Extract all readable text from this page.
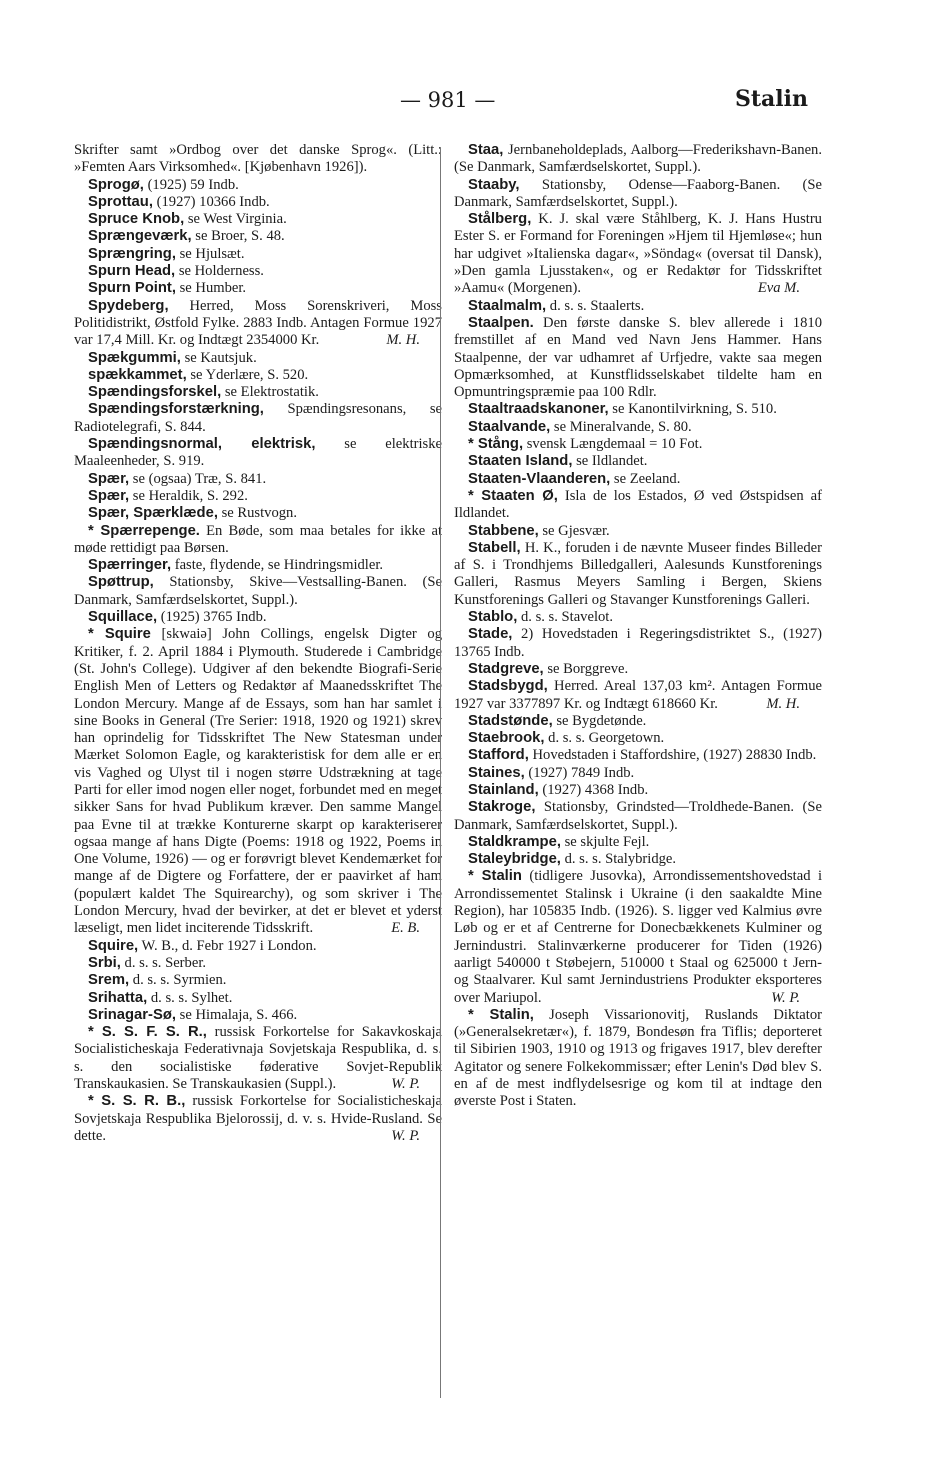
— 981 —	Stalin

Skrifter samt »Ordbog over det danske Sprog«. (Litt.: »Femten Aars Virksomhed«. [Kjøbenhavn 1926]).

Sprogø, (1925) 59 Indb.

Sprottau, (1927) 10366 Indb.

Spruce Knob, se West Virginia.

Sprængeværk, se Broer, S. 48.

Sprængring, se Hjulsæt.

Spurn Head, se Holderness.

Spurn Point, se Humber.

Spydeberg, Herred, Moss Sorenskriveri, Moss Politidistrikt, Østfold Fylke. 2883 Indb. Antagen Formue 1927 var 17,4 Mill. Kr. og Indtægt 2354000 Kr.	M. H.

Spækgummi, se Kautsjuk.

spækkammet, se Yderlære, S. 520.

Spændingsforskel, se Elektrostatik.

Spændingsforstærkning, Spændingsresonans, se Radiotelegrafi, S. 844.

Spændingsnormal, elektrisk, se elektriske Maaleenheder, S. 919.

Spær, se (ogsaa) Træ, S. 841.

Spær, se Heraldik, S. 292.

Spær, Spærklæde, se Rustvogn.

* Spærrepenge. En Bøde, som maa betales for ikke at møde rettidigt paa Børsen.

Spærringer, faste, flydende, se Hindringsmidler.

Spøttrup, Stationsby, Skive—Vestsalling-Banen. (Se Danmark, Samfærdselskortet, Suppl.).

Squillace, (1925) 3765 Indb.

* Squire [skwaiə] John Collings, engelsk Digter og Kritiker, f. 2. April 1884 i Plymouth. Studerede i Cambridge (St. John's College). Udgiver af den bekendte Biografi-Serie English Men of Letters og Redaktør af Maanedsskriftet The London Mercury. Mange af de Essays, som han har samlet i sine Books in General (Tre Serier: 1918, 1920 og 1921) skrev han oprindelig for Tidsskriftet The New Statesman under Mærket Solomon Eagle, og karakteristisk for dem alle er en vis Vaghed og Ulyst til i nogen større Udstrækning at tage Parti for eller imod nogen eller noget, forbundet med en meget sikker Sans for hvad Publikum kræver. Den samme Mangel paa Evne til at trække Konturerne skarpt op karakteriserer ogsaa mange af hans Digte (Poems: 1918 og 1922, Poems in One Volume, 1926) — og er forøvrigt blevet Kendemærket for mange af de Digtere og Forfattere, der er paavirket af ham (populært kaldet The Squirearchy), og som skriver i The London Mercury, hvad der bevirker, at det er blevet et yderst læseligt, men lidet inciterende Tidsskrift.	E. B.

Squire, W. B., d. Febr 1927 i London.

Srbi, d. s. s. Serber.

Srem, d. s. s. Syrmien.

Srihatta, d. s. s. Sylhet.

Srinagar-Sø, se Himalaja, S. 466.

* S. S. F. S. R., russisk Forkortelse for Sakavkoskaja Socialisticheskaja Federativnaja Sovjetskaja Respublika, d. s. s. den socialistiske føderative Sovjet-Republik Transkaukasien. Se Transkaukasien (Suppl.).	W. P.

* S. S. R. B., russisk Forkortelse for Socialisticheskaja Sovjetskaja Respublika Bjelorossij, d. v. s. Hvide-Rusland. Se dette.	W. P.

Staa, Jernbaneholdeplads, Aalborg—Frederikshavn-Banen. (Se Danmark, Samfærdselskortet, Suppl.).

Staaby, Stationsby, Odense—Faaborg-Banen. (Se Danmark, Samfærdselskortet, Suppl.).

Stålberg, K. J. skal være Ståhlberg, K. J. Hans Hustru Ester S. er Formand for Foreningen »Hjem til Hjemløse«; hun har udgivet »Italienska dagar«, »Söndag« (oversat til Dansk), »Den gamla Ljusstaken«, og er Redaktør for Tidsskriftet »Aamu« (Morgenen).	Eva M.

Staalmalm, d. s. s. Staalerts.

Staalpen. Den første danske S. blev allerede i 1810 fremstillet af en Mand ved Navn Jens Hammer. Hans Staalpenne, der var udhamret af Urfjedre, vakte saa megen Opmærksomhed, at Kunstflidsselskabet tildelte ham en Opmuntringspræmie paa 100 Rdlr.

Staaltraadskanoner, se Kanontilvirkning, S. 510.

Staalvande, se Mineralvande, S. 80.

* Stång, svensk Længdemaal = 10 Fot.

Staaten Island, se Ildlandet.

Staaten-Vlaanderen, se Zeeland.

* Staaten Ø, Isla de los Estados, Ø ved Østspidsen af Ildlandet.

Stabbene, se Gjesvær.

Stabell, H. K., foruden i de nævnte Museer findes Billeder af S. i Trondhjems Billedgalleri, Aalesunds Kunstforenings Galleri, Rasmus Meyers Samling i Bergen, Skiens Kunstforenings Galleri og Stavanger Kunstforenings Galleri.

Stablo, d. s. s. Stavelot.

Stade, 2) Hovedstaden i Regeringsdistriktet S., (1927) 13765 Indb.

Stadgreve, se Borggreve.

Stadsbygd, Herred. Areal 137,03 km². Antagen Formue 1927 var 3377897 Kr. og Indtægt 618660 Kr.	M. H.

Stadstønde, se Bygdetønde.

Staebrook, d. s. s. Georgetown.

Stafford, Hovedstaden i Staffordshire, (1927) 28830 Indb.

Staines, (1927) 7849 Indb.

Stainland, (1927) 4368 Indb.

Stakroge, Stationsby, Grindsted—Troldhede-Banen. (Se Danmark, Samfærdselskortet, Suppl.).

Staldkrampe, se skjulte Fejl.

Staleybridge, d. s. s. Stalybridge.

* Stalin (tidligere Jusovka), Arrondissementshovedstad i Arrondissementet Stalinsk i Ukraine (i den saakaldte Mine Region), har 105835 Indb. (1926). S. ligger ved Kalmius øvre Løb og er et af Centrerne for Donecbækkenets Kulminer og Jernindustri. Stalinværkerne producerer for Tiden (1926) aarligt 540000 t Støbejern, 510000 t Staal og 625000 t Jern- og Staalvarer. Kul samt Jernindustriens Produkter eksporteres over Mariupol.	W. P.

* Stalin, Joseph Vissarionovitj, Ruslands Diktator (»Generalsekretær«), f. 1879, Bondesøn fra Tiflis; deporteret til Sibirien 1903, 1910 og 1913 og frigaves 1917, blev derefter Agitator og senere Folkekommissær; efter Lenin's Død blev S. en af de mest indflydelsesrige og kom til at indtage den øverste Post i Staten.
